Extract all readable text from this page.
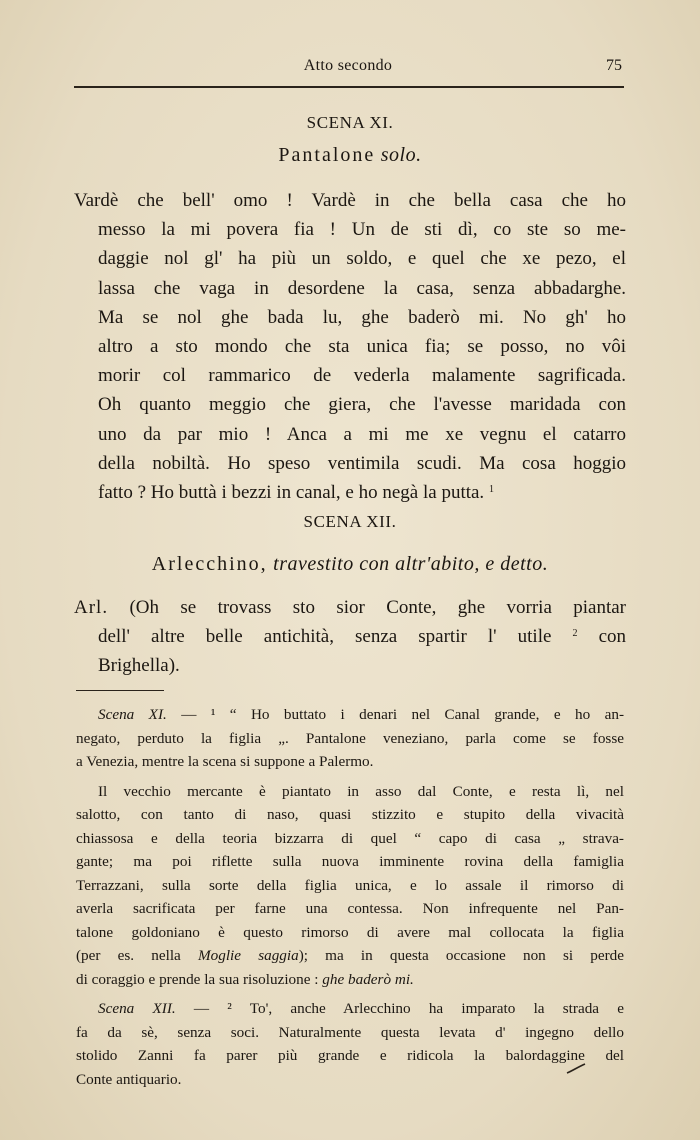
Atto secondo	75
SCENA XI.
Pantalone solo.
Vardè che bell' omo ! Vardè in che bella casa che ho
messo la mi povera fia ! Un de sti dì, co ste so me-
daggie nol gl' ha più un soldo, e quel che xe pezo, el
lassa che vaga in desordene la casa, senza abbadarghe.
Ma se nol ghe bada lu, ghe baderò mi. No gh' ho
altro a sto mondo che sta unica fia; se posso, no vôi
morir col rammarico de vederla malamente sagrificada.
Oh quanto meggio che giera, che l'avesse maridada con
uno da par mio ! Anca a mi me xe vegnu el catarro
della nobiltà. Ho speso ventimila scudi. Ma cosa hoggio
fatto ? Ho buttà i bezzi in canal, e ho negà la putta. $^1$
SCENA XII.
Arlecchino, travestito con altr'abito, e detto.
Arl. (Oh se trovass sto sior Conte, ghe vorria piantar
dell' altre belle antichità, senza spartir l' utile $^2$ con
Brighella).
Scena XI. — ¹ “ Ho buttato i denari nel Canal grande, e ho an-
negato, perduto la figlia „. Pantalone veneziano, parla come se fosse
a Venezia, mentre la scena si suppone a Palermo.
Il vecchio mercante è piantato in asso dal Conte, e resta lì, nel
salotto, con tanto di naso, quasi stizzito e stupito della vivacità
chiassosa e della teoria bizzarra di quel “ capo di casa „ strava-
gante; ma poi riflette sulla nuova imminente rovina della famiglia
Terrazzani, sulla sorte della figlia unica, e lo assale il rimorso di
averla sacrificata per farne una contessa. Non infrequente nel Pan-
talone goldoniano è questo rimorso di avere mal collocata la figlia
(per es. nella Moglie saggia); ma in questa occasione non si perde
di coraggio e prende la sua risoluzione : ghe baderò mi.
Scena XII. — ² To', anche Arlecchino ha imparato la strada e
fa da sè, senza soci. Naturalmente questa levata d' ingegno dello
stolido Zanni fa parer più grande e ridicola la balordaggine del
Conte antiquario.
